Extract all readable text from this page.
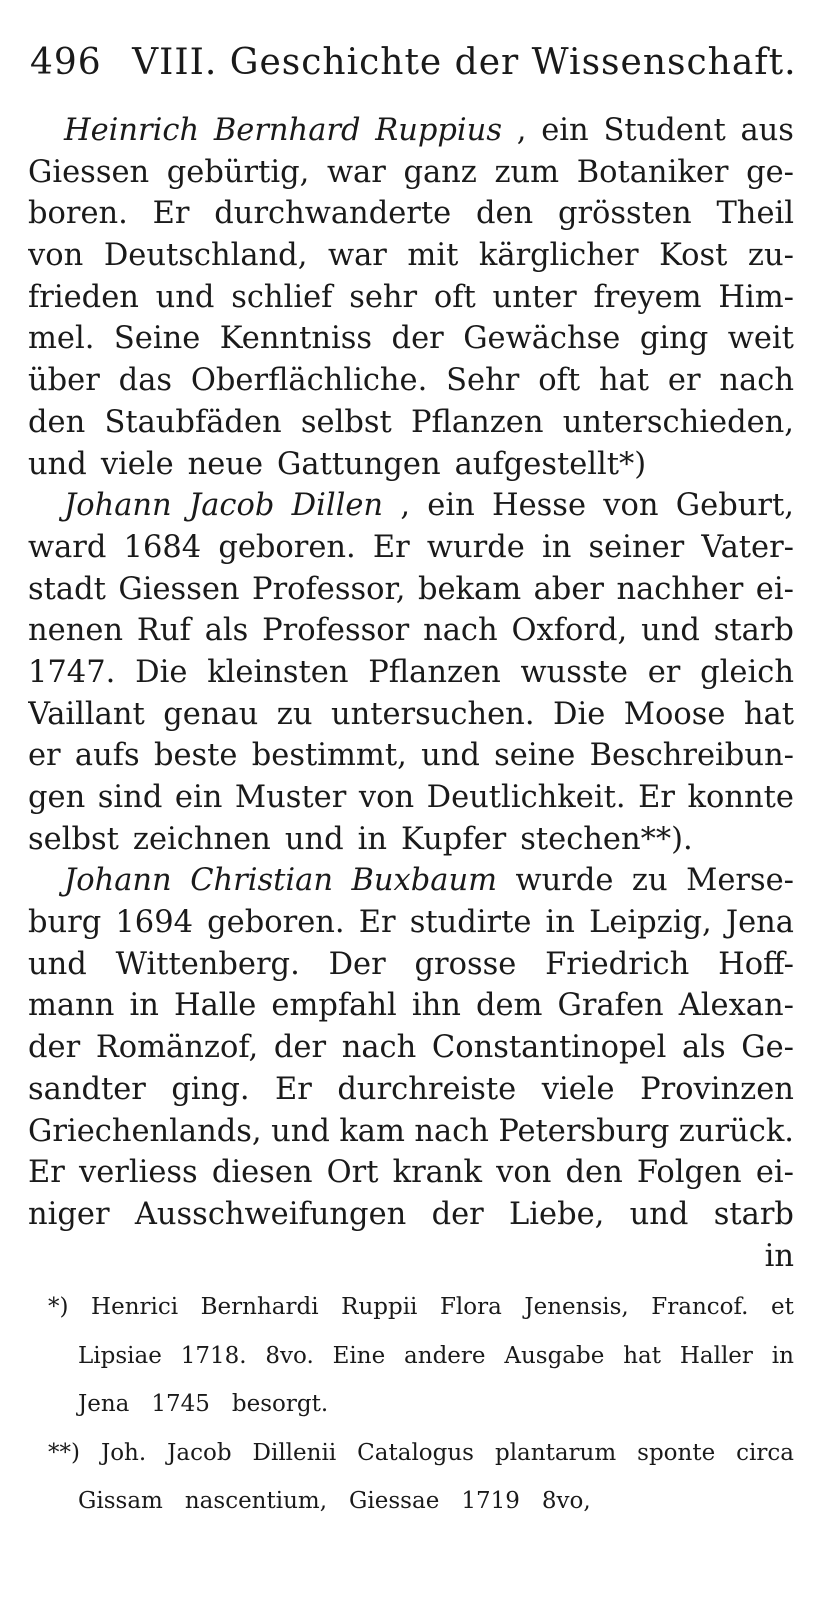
496 VIII. Geschichte der Wissenschaft.
Heinrich Bernhard Ruppius , ein Student aus
Giessen gebürtig, war ganz zum Botaniker ge-
boren. Er durchwanderte den grössten Theil
von Deutschland, war mit kärglicher Kost zu-
frieden und schlief sehr oft unter freyem Him-
mel. Seine Kenntniss der Gewächse ging weit
über das Oberflächliche. Sehr oft hat er nach
den Staubfäden selbst Pflanzen unterschieden,
und viele neue Gattungen aufgestellt*)
Johann Jacob Dillen , ein Hesse von Geburt,
ward 1684 geboren. Er wurde in seiner Vater-
stadt Giessen Professor, bekam aber nachher ei-
nenen Ruf als Professor nach Oxford, und starb
1747. Die kleinsten Pflanzen wusste er gleich
Vaillant genau zu untersuchen. Die Moose hat
er aufs beste bestimmt, und seine Beschreibun-
gen sind ein Muster von Deutlichkeit. Er konnte
selbst zeichnen und in Kupfer stechen**).
Johann Christian Buxbaum wurde zu Merse-
burg 1694 geboren. Er studirte in Leipzig, Jena
und Wittenberg. Der grosse Friedrich Hoff-
mann in Halle empfahl ihn dem Grafen Alexan-
der Romänzof, der nach Constantinopel als Ge-
sandter ging. Er durchreiste viele Provinzen
Griechenlands, und kam nach Petersburg zurück.
Er verliess diesen Ort krank von den Folgen ei-
niger Ausschweifungen der Liebe, und starb
in
*) Henrici Bernhardi Ruppii Flora Jenensis, Francof. et
Lipsiae 1718. 8vo. Eine andere Ausgabe hat Haller in
Jena 1745 besorgt.
**) Joh. Jacob Dillenii Catalogus plantarum sponte circa
Gissam nascentium, Giessae 1719 8vo,
